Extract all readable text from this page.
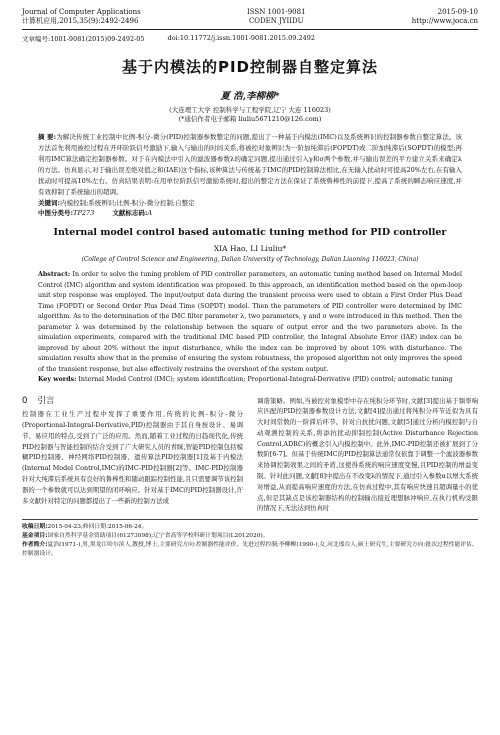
Journal of Computer Applications
计算机应用,2015,35(9):2492-2496
ISSN 1001-9081
CODEN JYIIDU
2015-09-10
http://www.joca.cn
文章编号:1001-9081(2015)09-2492-05	doi:10.11772/j.issn.1001-9081.2015.09.2492
基于内模法的PID控制器自整定算法
夏 浩,李柳柳*
(大连理工大学 控制科学与工程学院,辽宁 大连 116023)
(*通信作者电子邮箱 liuliu5671210@126.com)
摘 要:为解决传统工业控制中比例-积分-微分(PID)控制器参数整定的问题,提出了一种基于内模法(IMC)以及系统辨识的控制器参数自整定算法。该方法首先利用被控过程在开环阶跃信号激励下,输入与输出的时间关系,将被控对象辨识为一阶加纯滞后(FOPDT)或二阶加纯滞后(SOPDT)的模型;再利用IMC算法确定控制器参数。对于在内模法中引入的滤波器参数λ的确定问题,提出通过引入γ和σ两个参数,并与输出误差的平方建立关系来确定λ的方法。仿真显示,对于输出误差绝对值之和(IAE)这个指标,该种算法与传统基于IMC的PID控制算法相比,在无输入扰动时可提高20%左右,在有输入扰动时可提高10%左右。仿真结果表明:在用单位阶跃信号激励系统时,提出的整定方法在保证了系统鲁棒性的前提下,提高了系统的瞬态响应速度,并有效抑制了系统输出的超调。
关键词:内模控制;系统辨识;比例-积分-微分控制;自整定
中图分类号:TP273	文献标志码:A
Internal model control based automatic tuning method for PID controller
XIA Hao, LI Liuliu*
(College of Control Science and Engineering, Dalian University of Technology, Dalian Liaoning 116023, China)
Abstract: In order to solve the tuning problem of PID controller parameters, an automatic tuning method based on Internal Model Control (IMC) algorithm and system identification was proposed. In this approach, an identification method based on the open-loop unit step response was employed. The input/output data during the transient process were used to obtain a First Order Plus Dead Time (FOPDT) or Second Order Plus Dead Time (SOPDT) model. Then the parameters of PID controller were determined by IMC algorithm. As to the determination of the IMC filter parameter λ, two parameters, γ and σ were introduced in this method. Then the parameter λ was determined by the relationship between the square of output error and the two parameters above. In the simulation experiments, compared with the traditional IMC based PID controller, the Integral Absolute Error (IAE) index can be improved by about 20% without the input disturbance, while the index can be improved by about 10% with disturbance. The simulation results show that in the premise of ensuring the system robustness, the proposed algorithm not only improves the speed of the transient response, but also effectively restrains the overshoot of the system output.
Key words: Internal Model Control (IMC); system identification; Proportional-Integral-Derivative (PID) control; automatic tuning
0 引言
控制器在工业生产过程中发挥了重要作用,传统的比例-积分-微分(Proportional-Integral-Derivative,PID)控制器由于其自身按设计、易调节、易应用的特点,受到了广泛的应用。然而,随着工业过程的日趋现代化,传统PID控制器与智能控制的结合受到了广大研究人员的青睐,智能PID控制包括模糊PID控制器、神经网络PID控制器、遗传算法PID控制器[1]及基于内模法(Internal Model Control,IMC)的IMC-PID控制器[2]等。IMC-PID控制器针对大纯滞后系统具有良好的鲁棒性和随动跟踪控制性能,且只需要调节该控制器的一个参数就可以达到期望的闭环响应。针对基于IMC的PID控制器设计,许多文献针对特定的问题都提出了一些新的控制方法或
调谐策略。例如,当被控对象模型中存在纯积分环节时,文献[3]提出基于频率响应匹配的PID控制器参数设计方法,文献[4]提出通过将纯积分环节近似为具有大时间常数的一阶滞后环节。针对自抗扰问题,文献[5]通过分析内模控制与自动观测控制的关系,将添抗扰动抑制控制(Active Disturbance Rejection Control,ADRC)的概念引入内模控制中。此外,IMC-PID控制还被扩展到了分数阶[6-7]。但基于传统IMC的PID控制算法通常仅依靠于调整一个滤波器参数来协调控制效果之间的矛盾,这使得系统的响应速度变慢,且PID控制的增益变限。针对此问题,文献[8]中提出在不改变λ的情况下,通过引入参数α以增大系统对增益,从而提高响应速度的方法,在仿真过程中,其有响应快速且超调量小的优点,但是其缺点是该控制器结构的控制输出接近理想脉冲响应,在执行机构受限的情况下,无法达到仿真时
收稿日期:2015-04-23;修回日期:2015-06-24。
基金项目:国家自然科学基金资助项目(61273098);辽宁省高等学校科研计划项目(L2012020)。
作者简介:夏浩(1971-),男,黑龙江哈尔滨人,教授,博士,主要研究方向:控制器性能评价、先进过程控制;李柳柳(1990-),女,河北邢台人,硕士研究生,主要研究方向:批次过程性能评估、控制器设计。
